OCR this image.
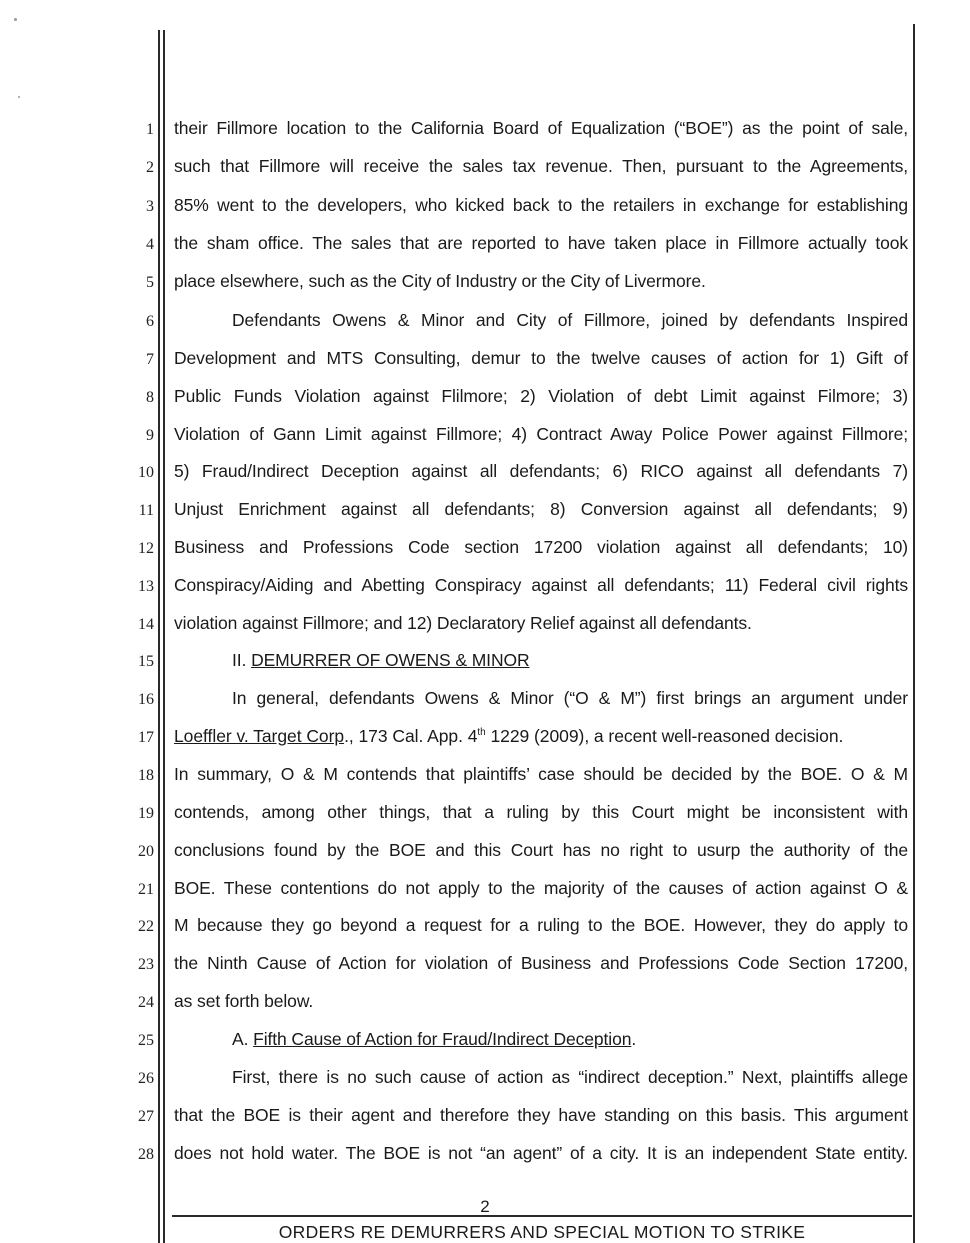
1
2
3
4
5
6
7
8
9
10
11
12
13
14
15
16
17
18
19
20
21
22
23
24
25
26
27
28
their Fillmore location to the California Board of Equalization (“BOE”) as the point of sale,
such that Fillmore will receive the sales tax revenue. Then, pursuant to the Agreements,
85% went to the developers, who kicked back to the retailers in exchange for establishing
the sham office. The sales that are reported to have taken place in Fillmore actually took
place elsewhere, such as the City of Industry or the City of Livermore.
Defendants Owens & Minor and City of Fillmore, joined by defendants Inspired
Development and MTS Consulting, demur to the twelve causes of action for 1) Gift of
Public Funds Violation against Flilmore; 2) Violation of debt Limit against Filmore; 3)
Violation of Gann Limit against Fillmore; 4) Contract Away Police Power against Fillmore;
5) Fraud/Indirect Deception against all defendants; 6) RICO against all defendants 7)
Unjust Enrichment against all defendants; 8) Conversion against all defendants; 9)
Business and Professions Code section 17200 violation against all defendants; 10)
Conspiracy/Aiding and Abetting Conspiracy against all defendants; 11) Federal civil rights
violation against Fillmore; and 12) Declaratory Relief against all defendants.
II. DEMURRER OF OWENS & MINOR
In general, defendants Owens & Minor (“O & M”) first brings an argument under
Loeffler v. Target Corp., 173 Cal. App. 4th 1229 (2009), a recent well-reasoned decision.
In summary, O & M contends that plaintiffs’ case should be decided by the BOE. O & M
contends, among other things, that a ruling by this Court might be inconsistent with
conclusions found by the BOE and this Court has no right to usurp the authority of the
BOE. These contentions do not apply to the majority of the causes of action against O &
M because they go beyond a request for a ruling to the BOE. However, they do apply to
the Ninth Cause of Action for violation of Business and Professions Code Section 17200,
as set forth below.
A. Fifth Cause of Action for Fraud/Indirect Deception.
First, there is no such cause of action as “indirect deception.” Next, plaintiffs allege
that the BOE is their agent and therefore they have standing on this basis. This argument
does not hold water. The BOE is not “an agent” of a city. It is an independent State entity.
2
ORDERS RE DEMURRERS AND SPECIAL MOTION TO STRIKE
